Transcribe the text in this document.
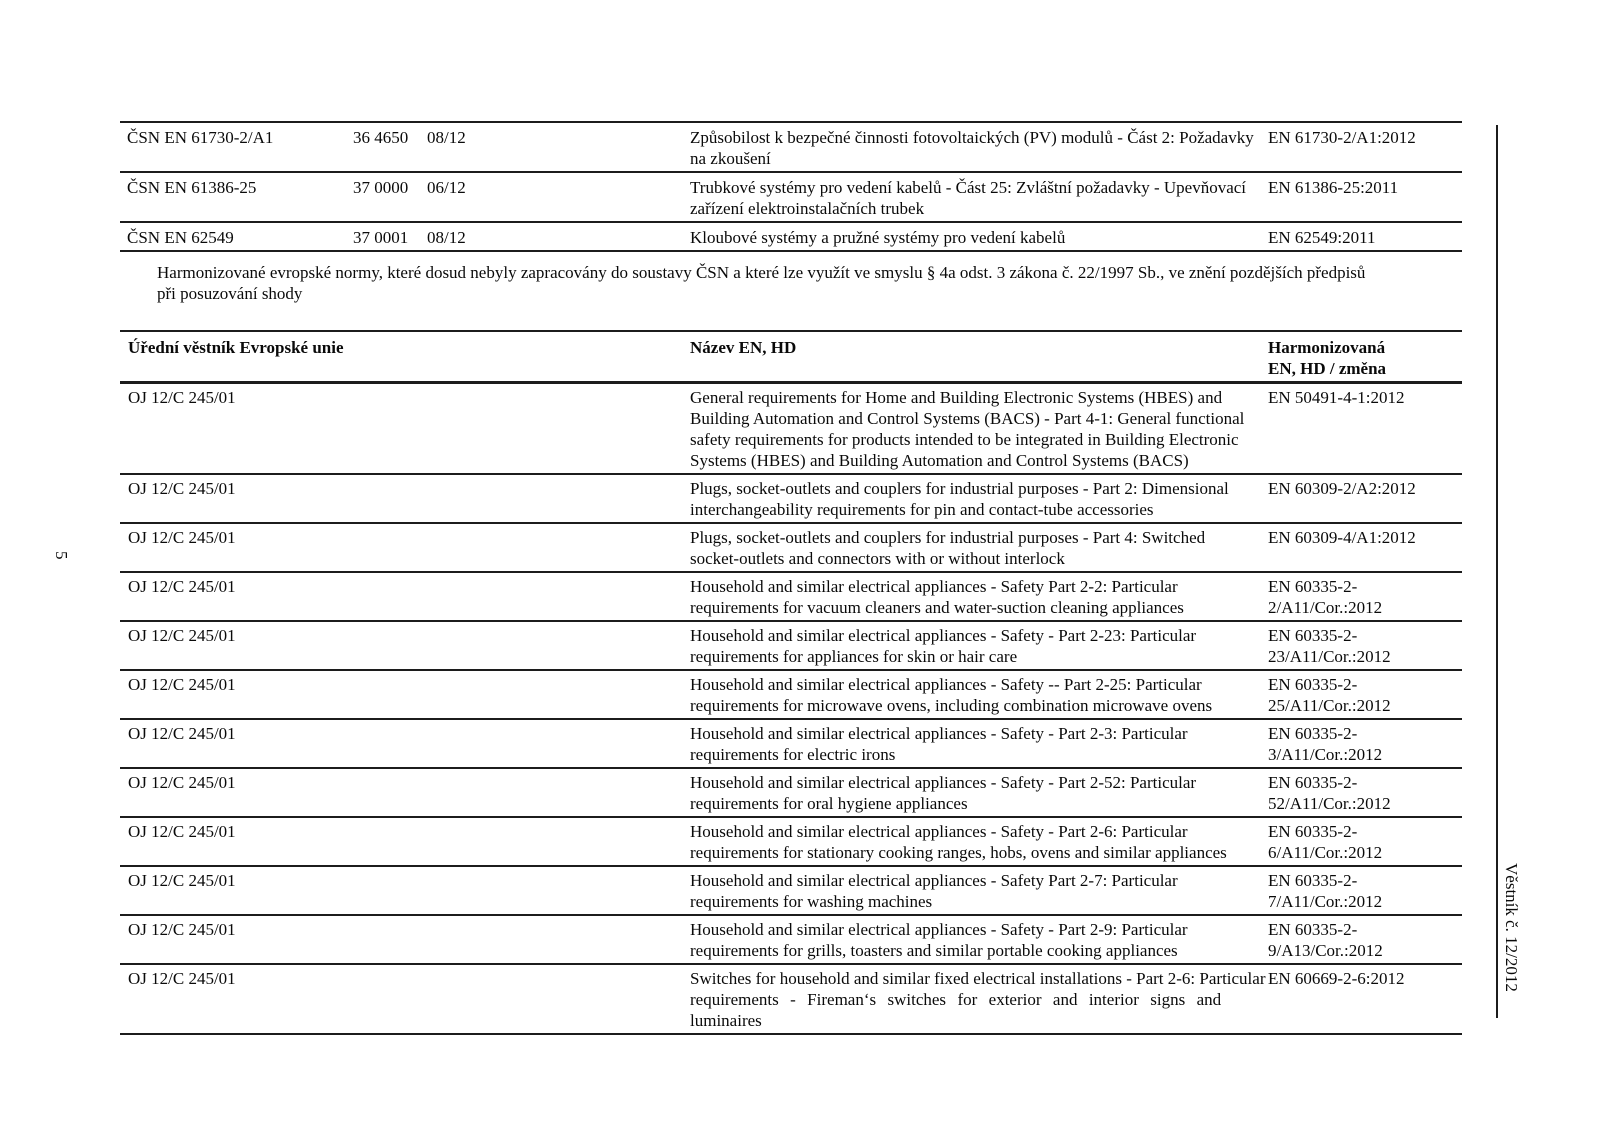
5
ČSN EN 61730-2/A1	36 4650	08/12	Způsobilost k bezpečné činnosti fotovoltaických (PV) modulů - Část 2: Požadavky
na zkoušení
EN 61730-2/A1:2012
ČSN EN 61386-25	37 0000	06/12	Trubkové systémy pro vedení kabelů - Část 25: Zvláštní požadavky - Upevňovací
zařízení elektroinstalačních trubek
EN 61386-25:2011
ČSN EN 62549	37 0001	08/12	Kloubové systémy a pružné systémy pro vedení kabelů	EN 62549:2011
Harmonizované evropské normy, které dosud nebyly zapracovány do soustavy ČSN a které lze využít ve smyslu § 4a odst. 3 zákona č. 22/1997 Sb., ve znění pozdějších předpisů
při posuzování shody
Úřední věstník Evropské unie	Název EN, HD	Harmonizovaná
EN, HD / změna
OJ 12/C 245/01	General requirements for Home and Building Electronic Systems (HBES) and
Building Automation and Control Systems (BACS) - Part 4-1: General functional
safety requirements for products intended to be integrated in Building Electronic
Systems (HBES) and Building Automation and Control Systems (BACS)
EN 50491-4-1:2012
OJ 12/C 245/01	Plugs, socket-outlets and couplers for industrial purposes - Part 2: Dimensional
interchangeability requirements for pin and contact-tube accessories
EN 60309-2/A2:2012
OJ 12/C 245/01	Plugs, socket-outlets and couplers for industrial purposes - Part 4: Switched
socket-outlets and connectors with or without interlock
EN 60309-4/A1:2012
OJ 12/C 245/01	Household and similar electrical appliances - Safety Part 2-2: Particular
requirements for vacuum cleaners and water-suction cleaning appliances
EN 60335-2-2/A11/Cor.:2012
OJ 12/C 245/01	Household and similar electrical appliances - Safety - Part 2-23: Particular
requirements for appliances for skin or hair care
EN 60335-2-23/A11/Cor.:2012
OJ 12/C 245/01	Household and similar electrical appliances - Safety -- Part 2-25: Particular
requirements for microwave ovens, including combination microwave ovens
EN 60335-2-25/A11/Cor.:2012
OJ 12/C 245/01	Household and similar electrical appliances - Safety - Part 2-3: Particular
requirements for electric irons
EN 60335-2-3/A11/Cor.:2012
OJ 12/C 245/01	Household and similar electrical appliances - Safety - Part 2-52: Particular
requirements for oral hygiene appliances
EN 60335-2-52/A11/Cor.:2012
OJ 12/C 245/01	Household and similar electrical appliances - Safety - Part 2-6: Particular
requirements for stationary cooking ranges, hobs, ovens and similar appliances
EN 60335-2-6/A11/Cor.:2012
OJ 12/C 245/01	Household and similar electrical appliances - Safety Part 2-7: Particular
requirements for washing machines
EN 60335-2-7/A11/Cor.:2012
OJ 12/C 245/01	Household and similar electrical appliances - Safety - Part 2-9: Particular
requirements for grills, toasters and similar portable cooking appliances
EN 60335-2-9/A13/Cor.:2012
OJ 12/C 245/01	Switches for household and similar fixed electrical installations - Part 2-6: Particular
requirements - Fireman‘s switches for exterior and interior signs and luminaires
EN 60669-2-6:2012	Věstník č. 12/2012
